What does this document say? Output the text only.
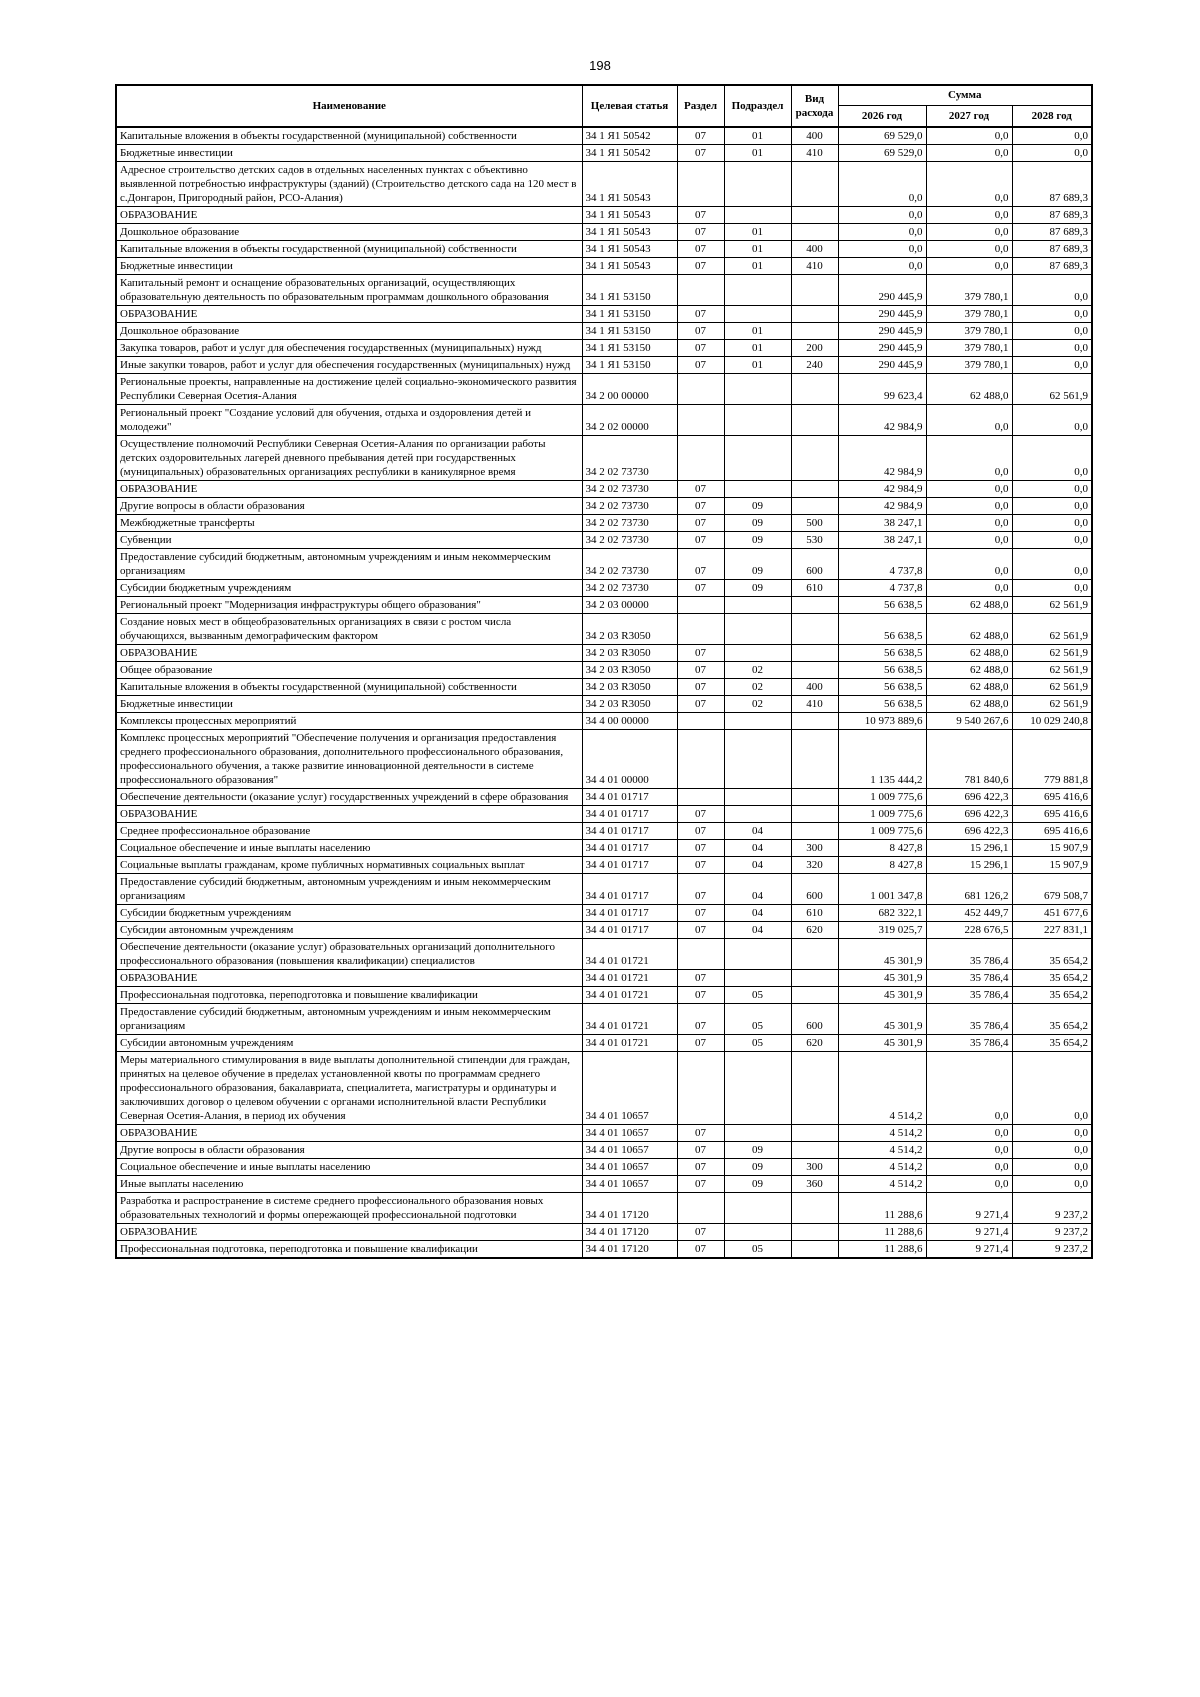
198
Наименование	Целевая статья	Раздел	Подраздел	Вид расхода	Сумма		
					2026 год	2027 год	2028 год
Капитальные вложения в объекты государственной (муниципальной) собственности	34 1 Я1 50542	07	01	400	69 529,0	0,0	0,0
Бюджетные инвестиции	34 1 Я1 50542	07	01	410	69 529,0	0,0	0,0
Адресное строительство детских садов в отдельных населенных пунктах с объективно выявленной потребностью инфраструктуры (зданий) (Строительство детского сада на 120 мест в с.Донгарон, Пригородный район, РСО-Алания)	34 1 Я1 50543				0,0	0,0	87 689,3
ОБРАЗОВАНИЕ	34 1 Я1 50543	07			0,0	0,0	87 689,3
Дошкольное образование	34 1 Я1 50543	07	01		0,0	0,0	87 689,3
Капитальные вложения в объекты государственной (муниципальной) собственности	34 1 Я1 50543	07	01	400	0,0	0,0	87 689,3
Бюджетные инвестиции	34 1 Я1 50543	07	01	410	0,0	0,0	87 689,3
Капитальный ремонт и оснащение образовательных организаций, осуществляющих образовательную деятельность по образовательным программам дошкольного образования	34 1 Я1 53150				290 445,9	379 780,1	0,0
ОБРАЗОВАНИЕ	34 1 Я1 53150	07			290 445,9	379 780,1	0,0
Дошкольное образование	34 1 Я1 53150	07	01		290 445,9	379 780,1	0,0
Закупка товаров, работ и услуг для обеспечения государственных (муниципальных) нужд	34 1 Я1 53150	07	01	200	290 445,9	379 780,1	0,0
Иные закупки товаров, работ и услуг для обеспечения государственных (муниципальных) нужд	34 1 Я1 53150	07	01	240	290 445,9	379 780,1	0,0
Региональные проекты, направленные на достижение целей социально-экономического развития Республики Северная Осетия-Алания	34 2 00 00000				99 623,4	62 488,0	62 561,9
Региональный проект "Создание условий для обучения, отдыха и оздоровления детей и молодежи"	34 2 02 00000				42 984,9	0,0	0,0
Осуществление полномочий Республики Северная Осетия-Алания по организации работы детских оздоровительных лагерей дневного пребывания детей при государственных (муниципальных) образовательных организациях республики в каникулярное время	34 2 02 73730				42 984,9	0,0	0,0
ОБРАЗОВАНИЕ	34 2 02 73730	07			42 984,9	0,0	0,0
Другие вопросы в области образования	34 2 02 73730	07	09		42 984,9	0,0	0,0
Межбюджетные трансферты	34 2 02 73730	07	09	500	38 247,1	0,0	0,0
Субвенции	34 2 02 73730	07	09	530	38 247,1	0,0	0,0
Предоставление субсидий бюджетным, автономным учреждениям и иным некоммерческим организациям	34 2 02 73730	07	09	600	4 737,8	0,0	0,0
Субсидии бюджетным учреждениям	34 2 02 73730	07	09	610	4 737,8	0,0	0,0
Региональный проект "Модернизация инфраструктуры общего образования"	34 2 03 00000				56 638,5	62 488,0	62 561,9
Создание новых мест в общеобразовательных организациях в связи с ростом числа обучающихся, вызванным демографическим фактором	34 2 03 R3050				56 638,5	62 488,0	62 561,9
ОБРАЗОВАНИЕ	34 2 03 R3050	07			56 638,5	62 488,0	62 561,9
Общее образование	34 2 03 R3050	07	02		56 638,5	62 488,0	62 561,9
Капитальные вложения в объекты государственной (муниципальной) собственности	34 2 03 R3050	07	02	400	56 638,5	62 488,0	62 561,9
Бюджетные инвестиции	34 2 03 R3050	07	02	410	56 638,5	62 488,0	62 561,9
Комплексы процессных мероприятий	34 4 00 00000				10 973 889,6	9 540 267,6	10 029 240,8
Комплекс процессных мероприятий "Обеспечение получения и организация предоставления среднего профессионального образования, дополнительного профессионального образования, профессионального обучения, а также развитие инновационной деятельности в системе профессионального образования"	34 4 01 00000				1 135 444,2	781 840,6	779 881,8
Обеспечение деятельности (оказание услуг) государственных учреждений в сфере образования	34 4 01 01717				1 009 775,6	696 422,3	695 416,6
ОБРАЗОВАНИЕ	34 4 01 01717	07			1 009 775,6	696 422,3	695 416,6
Среднее профессиональное образование	34 4 01 01717	07	04		1 009 775,6	696 422,3	695 416,6
Социальное обеспечение и иные выплаты населению	34 4 01 01717	07	04	300	8 427,8	15 296,1	15 907,9
Социальные выплаты гражданам, кроме публичных нормативных социальных выплат	34 4 01 01717	07	04	320	8 427,8	15 296,1	15 907,9
Предоставление субсидий бюджетным, автономным учреждениям и иным некоммерческим организациям	34 4 01 01717	07	04	600	1 001 347,8	681 126,2	679 508,7
Субсидии бюджетным учреждениям	34 4 01 01717	07	04	610	682 322,1	452 449,7	451 677,6
Субсидии автономным учреждениям	34 4 01 01717	07	04	620	319 025,7	228 676,5	227 831,1
Обеспечение деятельности (оказание услуг) образовательных организаций дополнительного профессионального образования (повышения квалификации) специалистов	34 4 01 01721				45 301,9	35 786,4	35 654,2
ОБРАЗОВАНИЕ	34 4 01 01721	07			45 301,9	35 786,4	35 654,2
Профессиональная подготовка, переподготовка и повышение квалификации	34 4 01 01721	07	05		45 301,9	35 786,4	35 654,2
Предоставление субсидий бюджетным, автономным учреждениям и иным некоммерческим организациям	34 4 01 01721	07	05	600	45 301,9	35 786,4	35 654,2
Субсидии автономным учреждениям	34 4 01 01721	07	05	620	45 301,9	35 786,4	35 654,2
Меры материального стимулирования в виде выплаты дополнительной стипендии для граждан, принятых на целевое обучение в пределах установленной квоты по программам среднего профессионального образования, бакалавриата, специалитета, магистратуры и ординатуры и заключивших договор о целевом обучении с органами исполнительной власти Республики Северная Осетия-Алания, в период их обучения	34 4 01 10657				4 514,2	0,0	0,0
ОБРАЗОВАНИЕ	34 4 01 10657	07			4 514,2	0,0	0,0
Другие вопросы в области образования	34 4 01 10657	07	09		4 514,2	0,0	0,0
Социальное обеспечение и иные выплаты населению	34 4 01 10657	07	09	300	4 514,2	0,0	0,0
Иные выплаты населению	34 4 01 10657	07	09	360	4 514,2	0,0	0,0
Разработка и распространение в системе среднего профессионального образования новых образовательных технологий и формы опережающей профессиональной подготовки	34 4 01 17120				11 288,6	9 271,4	9 237,2
ОБРАЗОВАНИЕ	34 4 01 17120	07			11 288,6	9 271,4	9 237,2
Профессиональная подготовка, переподготовка и повышение квалификации	34 4 01 17120	07	05		11 288,6	9 271,4	9 237,2
